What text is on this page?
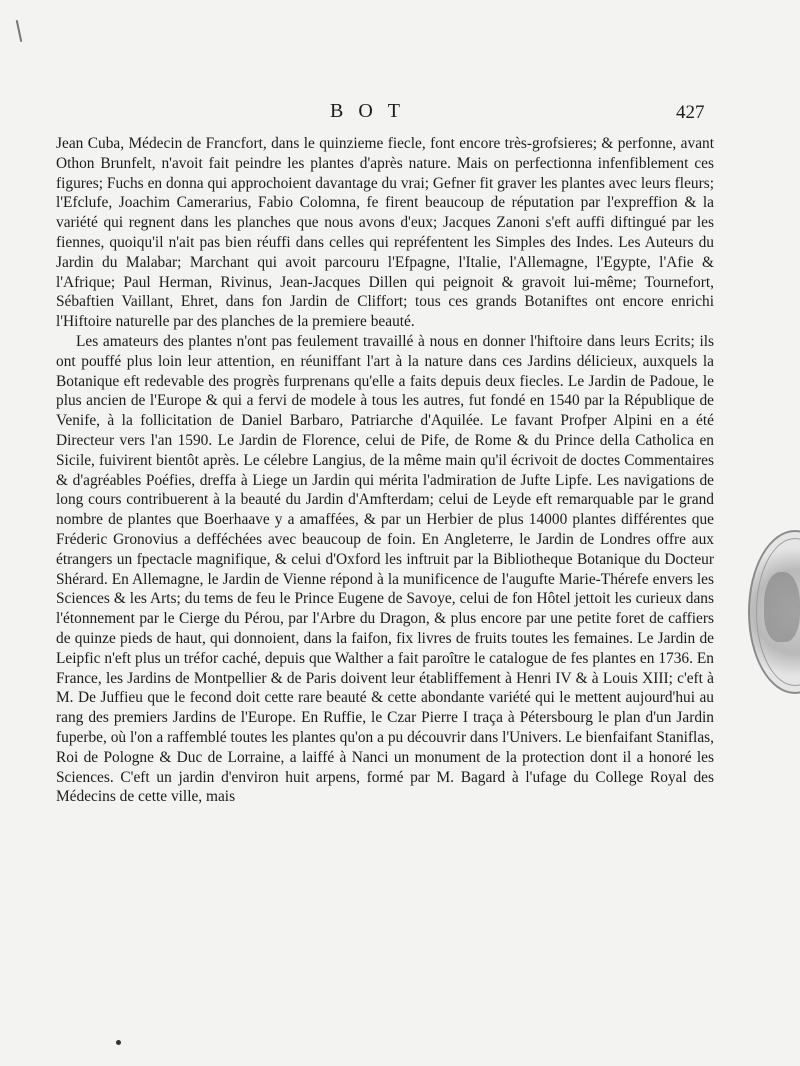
BOT	427

Jean Cuba, Médecin de Francfort, dans le quinzieme fiecle, font encore très-grofsieres; & perfonne, avant Othon Brunfelt, n'avoit fait peindre les plantes d'après nature. Mais on perfectionna infenfiblement ces figures; Fuchs en donna qui approchoient davantage du vrai; Gefner fit graver les plantes avec leurs fleurs; l'Efclufe, Joachim Camerarius, Fabio Colomna, fe firent beaucoup de réputation par l'expreffion & la variété qui regnent dans les planches que nous avons d'eux; Jacques Zanoni s'eft auffi diftingué par les fiennes, quoiqu'il n'ait pas bien réuffi dans celles qui repréfentent les Simples des Indes. Les Auteurs du Jardin du Malabar; Marchant qui avoit parcouru l'Efpagne, l'Italie, l'Allemagne, l'Egypte, l'Afie & l'Afrique; Paul Herman, Rivinus, Jean-Jacques Dillen qui peignoit & gravoit lui-même; Tournefort, Sébaftien Vaillant, Ehret, dans fon Jardin de Cliffort; tous ces grands Botaniftes ont encore enrichi l'Hiftoire naturelle par des planches de la premiere beauté.

Les amateurs des plantes n'ont pas feulement travaillé à nous en donner l'hiftoire dans leurs Ecrits; ils ont pouffé plus loin leur attention, en réuniffant l'art à la nature dans ces Jardins délicieux, auxquels la Botanique eft redevable des progrès furprenans qu'elle a faits depuis deux fiecles. Le Jardin de Padoue, le plus ancien de l'Europe & qui a fervi de modele à tous les autres, fut fondé en 1540 par la République de Venife, à la follicitation de Daniel Barbaro, Patriarche d'Aquilée. Le favant Profper Alpini en a été Directeur vers l'an 1590. Le Jardin de Florence, celui de Pife, de Rome & du Prince della Catholica en Sicile, fuivirent bientôt après. Le célebre Langius, de la même main qu'il écrivoit de doctes Commentaires & d'agréables Poéfies, dreffa à Liege un Jardin qui mérita l'admiration de Jufte Lipfe. Les navigations de long cours contribuerent à la beauté du Jardin d'Amfterdam; celui de Leyde eft remarquable par le grand nombre de plantes que Boerhaave y a amaffées, & par un Herbier de plus 14000 plantes différentes que Fréderic Gronovius a defféchées avec beaucoup de foin. En Angleterre, le Jardin de Londres offre aux étrangers un fpectacle magnifique, & celui d'Oxford les inftruit par la Bibliotheque Botanique du Docteur Shérard. En Allemagne, le Jardin de Vienne répond à la munificence de l'augufte Marie-Thérefe envers les Sciences & les Arts; du tems de feu le Prince Eugene de Savoye, celui de fon Hôtel jettoit les curieux dans l'étonnement par le Cierge du Pérou, par l'Arbre du Dragon, & plus encore par une petite foret de caffiers de quinze pieds de haut, qui donnoient, dans la faifon, fix livres de fruits toutes les femaines. Le Jardin de Leipfic n'eft plus un tréfor caché, depuis que Walther a fait paroître le catalogue de fes plantes en 1736. En France, les Jardins de Montpellier & de Paris doivent leur établiffement à Henri IV & à Louis XIII; c'eft à M. De Juffieu que le fecond doit cette rare beauté & cette abondante variété qui le mettent aujourd'hui au rang des premiers Jardins de l'Europe. En Ruffie, le Czar Pierre I traça à Pétersbourg le plan d'un Jardin fuperbe, où l'on a raffemblé toutes les plantes qu'on a pu découvrir dans l'Univers. Le bienfaifant Staniflas, Roi de Pologne & Duc de Lorraine, a laiffé à Nanci un monument de la protection dont il a honoré les Sciences. C'eft un jardin d'environ huit arpens, formé par M. Bagard à l'ufage du College Royal des Médecins de cette ville, mais
